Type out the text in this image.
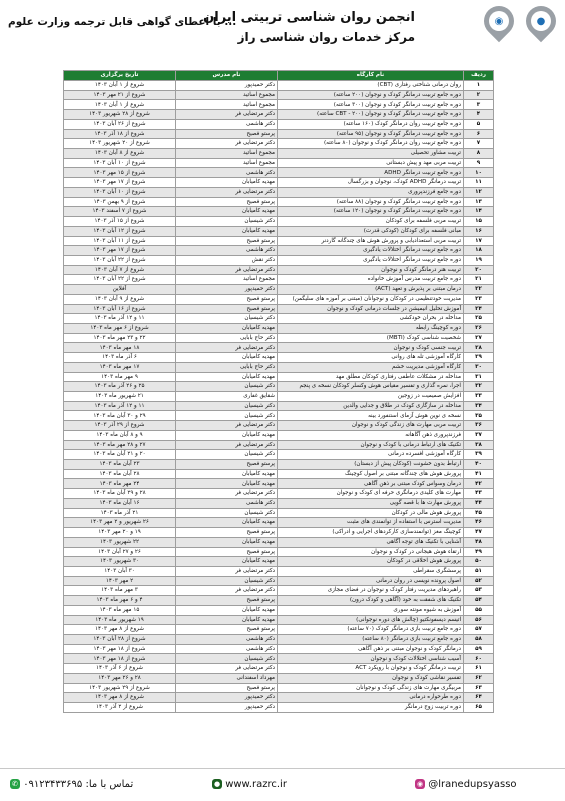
●
◉
انجمن روان شناسی تربیتی ایران
مرکز خدمات روان شناسی راز
... با اعطای گواهی قابل ترجمه وزارت علوم
ردیف	نام کارگاه	نام مدرس	تاریخ برگزاری
۱	روان درمانی شناختی رفتاری (CBT)	دکتر حمیدپور	شروع از ۱ آبان ۱۴۰۳
۲	دوره جامع تربیت درمانگر کودک و نوجوان (۲۰۰ ساعته)	مجموع اساتید	شروع از ۲۱ مهر ۱۴۰۳
۳	دوره جامع تربیت درمانگر کودک و نوجوان (۳۰۰ ساعته)	مجموع اساتید	شروع از ۱ آبان ۱۴۰۳
۴	دوره جامع تربیت درمانگر کودک و نوجوان (CBT - ۲۰۰ ساعته)	دکتر مرتضایی فر	شروع از ۲۸ شهریور ۱۴۰۳
۵	دوره جامع تربیت روان درمانگر کودک (۱۶۰ ساعته)	دکتر هاشمی	شروع از ۲۶ آبان ۱۴۰۳
۶	دوره جامع تربیت درمانگر کودک و نوجوان (۹۵ ساعته)	پرستو فصیح	شروع از ۱۸ آذر ۱۴۰۳
۷	دوره جامع تربیت روان درمانگر کودک و نوجوان (۸۰ ساعته)	دکتر مرتضایی فر	شروع از ۲۰ شهریور ۱۴۰۳
۸	تربیت مشاور تحصیلی	مجموع اساتید	شروع از ۸ آبان ۱۴۰۳
۹	تربیت مربی مهد و پیش دبستانی	مجموع اساتید	شروع از ۱۰ آبان ۱۴۰۳
۱۰	دوره جامع تربیت درمانگر ADHD	دکتر هاشمی	شروع از ۱۵ مهر ۱۴۰۳
۱۱	تربیت درمانگر ADHD کودک، نوجوان و بزرگسال	مهدیه کامیابان	شروع از ۱۷ مهر ۱۴۰۳
۱۲	دوره جامع فرزندپروری	دکتر مرتضایی فر	شروع از ۱۰ آبان ۱۴۰۳
۱۳	دوره جامع تربیت درمانگر کودک و نوجوان (۸۸ ساعته)	پرستو فصیح	شروع از ۹ بهمن ۱۴۰۳
۱۴	دوره جامع تربیت درمانگر کودک و نوجوان (۱۲۰ ساعته)	مهدیه کامیابان	شروع از ۷ اسفند ۱۴۰۳
۱۵	تربیت مربی فلسفه برای کودکان	دکتر شیسیان	شروع از ۱۵ آذر ۱۴۰۳
۱۶	مبانی فلسفه برای کودکان (کودکی قدرت)	مهدیه کامیابان	شروع از ۱۲ آبان ۱۴۰۳
۱۷	تربیت مربی استعدادیابی و پرورش هوش های چندگانه گاردنر	پرستو فصیح	شروع از ۱۱ آبان ۱۴۰۳
۱۸	دوره جامع تربیت درمانگر اختلالات یادگیری	دکتر هاشمی	شروع از ۱۷ مهر ۱۴۰۳
۱۹	دوره جامع تربیت درمانگر اختلالات یادگیری	دکتر نقش	شروع از ۲۲ آبان ۱۴۰۳
۲۰	تربیت هنر درمانگر کودک و نوجوان	دکتر مرتضایی فر	شروع از ۷ آبان ۱۴۰۳
۲۱	دوره جامع تربیت مدرس آموزش خانواده	مجموع اساتید	شروع از ۲۲ آبان ۱۴۰۳
۲۲	درمان مبتنی بر پذیرش و تعهد (ACT)	دکتر حمیدپور	آفلاین
۲۳	مدیریت خودتنظیمی در کودکان و نوجوانان (مبتنی بر آموزه های سلیگمن)	پرستو فصیح	شروع از ۹ آبان ۱۴۰۳
۲۴	آموزش تحلیل انیمیشن در جلسات درمانی کودک و نوجوان	پرستو فصیح	شروع از ۱۶ آبان ۱۴۰۳
۲۵	مداخله در بحران خودکشی	دکتر شیسیان	۱۱ و ۱۲ آذر ماه ۱۴۰۳
۲۶	دوره کوچینگ رابطه	مهدیه کامیابان	شروع از ۶ مهر ماه ۱۴۰۳
۲۷	شخصیت شناسی کودک (MBTI)	دکتر حاج بابایی	۲۲ و ۲۳ مهر ماه ۱۴۰۳
۲۸	تربیت جنسی کودک و نوجوان	دکتر مرتضایی فر	۱۸ مهر ماه ۱۴۰۳
۲۹	کارگاه آموزشی تله های روانی	مهدیه کامیابان	۶ آذر ماه ۱۴۰۳
۳۰	کارگاه آموزشی مدیریت خشم	دکتر حاج بابایی	۱۷ مهر ماه ۱۴۰۳
۳۱	مداخله در مشکلات عاطفی رفتاری کودکان مطلق مهد	مهدیه کامیابان	۹ مهر ماه ۱۴۰۳
۳۲	اجرا، نمره گذاری و تفسیر مقیاس هوش وکسلر کودکان نسخه ی پنجم	دکتر شیسیان	۲۵ و ۲۶ آذر ماه ۱۴۰۳
۳۳	افزایش صمیمیت در زوجین	شقایق غفاری	۲۱ شهریور ماه ۱۴۰۳
۳۴	مداخله در سازگاری کودک در طلاق و جدایی والدین	دکتر شیسیان	۱۱ و ۱۲ آذر ماه ۱۴۰۳
۳۵	نسخه ی نوین هوش آزمای استنفورد بینه	دکتر شیسیان	۲۹ و ۳۰ آبان ماه ۱۴۰۳
۳۶	تربیت مربی مهارت های زندگی کودک و نوجوان	دکتر مرتضایی فر	شروع از ۲۹ آذر ۱۴۰۳
۳۷	فرزندپروری ذهن آگاهانه	مهدیه کامیابان	۹ و ۸ آبان ماه ۱۴۰۳
۳۸	تکنیک های ارتباط درمانی با کودک و نوجوان	دکتر مرتضایی فر	۲۷ و ۲۸ مهر ماه ۱۴۰۳
۳۹	کارگاه آموزشی افسرده درمانی	دکتر شیسیان	۲۰ و ۲۱ آبان ماه ۱۴۰۳
۴۰	ارتباط بدون خشونت (کودکان پیش از دبستان)	پرستو فصیح	۲۳ آبان ماه ۱۴۰۳
۴۱	پرورش هوش های چندگانه مبتنی بر اصول کوچینگ	مهدیه کامیابان	۲۸ آبان ماه ۱۴۰۳
۴۲	درمان وسواس کودک مبتنی بر ذهن آگاهی	مهدیه کامیابان	۲۴ مهر ماه ۱۴۰۳
۴۳	مهارت های کلیدی درمانگری حرفه ای کودک و نوجوان	دکتر مرتضایی فر	۲۸ و ۲۹ آبان ماه ۱۴۰۳
۴۴	پرورش مهارت ها با قصه گویی	دکتر هاشمی	۱۶ آبان ماه ۱۴۰۳
۴۵	پرورش هوش مالی در کودکان	دکتر شیسیان	۲۱ آذر ماه ۱۴۰۳
۴۶	مدیریت استرس با استفاده از توانمندی های مثبت	مهدیه کامیابان	۲۶ شهریور و ۲ مهر ۱۴۰۳
۴۷	کوچینگ مغز (توانمندسازی کارکردهای اجرایی و ادراکی)	پرستو فصیح	۱۹ و ۲۰ مهر ۱۴۰۳
۴۸	آشنایی با تکنیک های توجه آگاهی	مهدیه کامیابان	۲۲ شهریور ۱۴۰۳
۴۹	ارتقاء هوش هیجانی در کودک و نوجوان	پرستو فصیح	۲۶ و ۲۷ آبان ۱۴۰۳
۵۰	پرورش هوش اخلاقی در کودکان	مهدیه کامیابان	۳۰ شهریور ۱۴۰۳
۵۱	پرسشگری سقراطی	دکتر مرتضایی فر	۳۰ آبان ۱۴۰۳
۵۲	اصول پرونده نویسی در روان درمانی	دکتر شیسیان	۲ مهر ۱۴۰۳
۵۳	راهبردهای مدیریت رفتار کودک و نوجوان در فضای مجازی	دکتر مرتضایی فر	۳ مهر ماه ۱۴۰۳
۵۴	تکنیک های شفقت به خود (آگاهی و کودک درون)	پرستو فصیح	۴ و ۶ مهر ماه ۱۴۰۳
۵۵	آموزش به شیوه مونته سوری	مهدیه کامیابان	۱۵ مهر ماه ۱۴۰۳
۵۶	اتیسم دیسفونکتیو (چالش های دوره نوجوانی)	مهدیه کامیابان	۱۹ شهریور ماه ۱۴۰۳
۵۷	دوره جامع تربیت بازی درمانگر کودک (۷۰ ساعته)	پرستو فصیح	شروع از ۸ مهر ۱۴۰۳
۵۸	دوره جامع تربیت بازی درمانگر (۸۰ ساعته)	دکتر هاشمی	شروع از ۲۸ آبان ۱۴۰۳
۵۹	درمانگر کودک و نوجوان مبتنی بر ذهن آگاهی	دکتر هاشمی	شروع از ۱۸ مهر ۱۴۰۳
۶۰	آسیب شناسی اختلالات کودک و نوجوان	دکتر شیسیان	شروع از ۱۸ مهر ۱۴۰۳
۶۱	تربیت درمانگر کودک و نوجوان با رویکرد ACT	دکتر مرتضایی فر	شروع از ۶ آذر ۱۴۰۳
۶۲	تفسیر نقاشی کودک و نوجوان	مهرداد اسفندانی	۲۸ و ۲۶ مهر ۱۴۰۳
۶۳	مربیگری مهارت های زندگی کودک و نوجوانان	پرستو فصیح	شروع از ۲۹ شهریور ۱۴۰۳
۶۴	دوره طرحواره درمانی	دکتر حمیدپور	شروع از ۸ مهر ۱۴۰۳
۶۵	دوره تربیت زوج درمانگر	دکتر حمیدپور	شروع از ۲ آذر ۱۴۰۳
✆ تماس با ما: ۰۹۱۲۳۴۳۳۶۹۵	● www.razrc.ir	◉ @lranedupsyasso
